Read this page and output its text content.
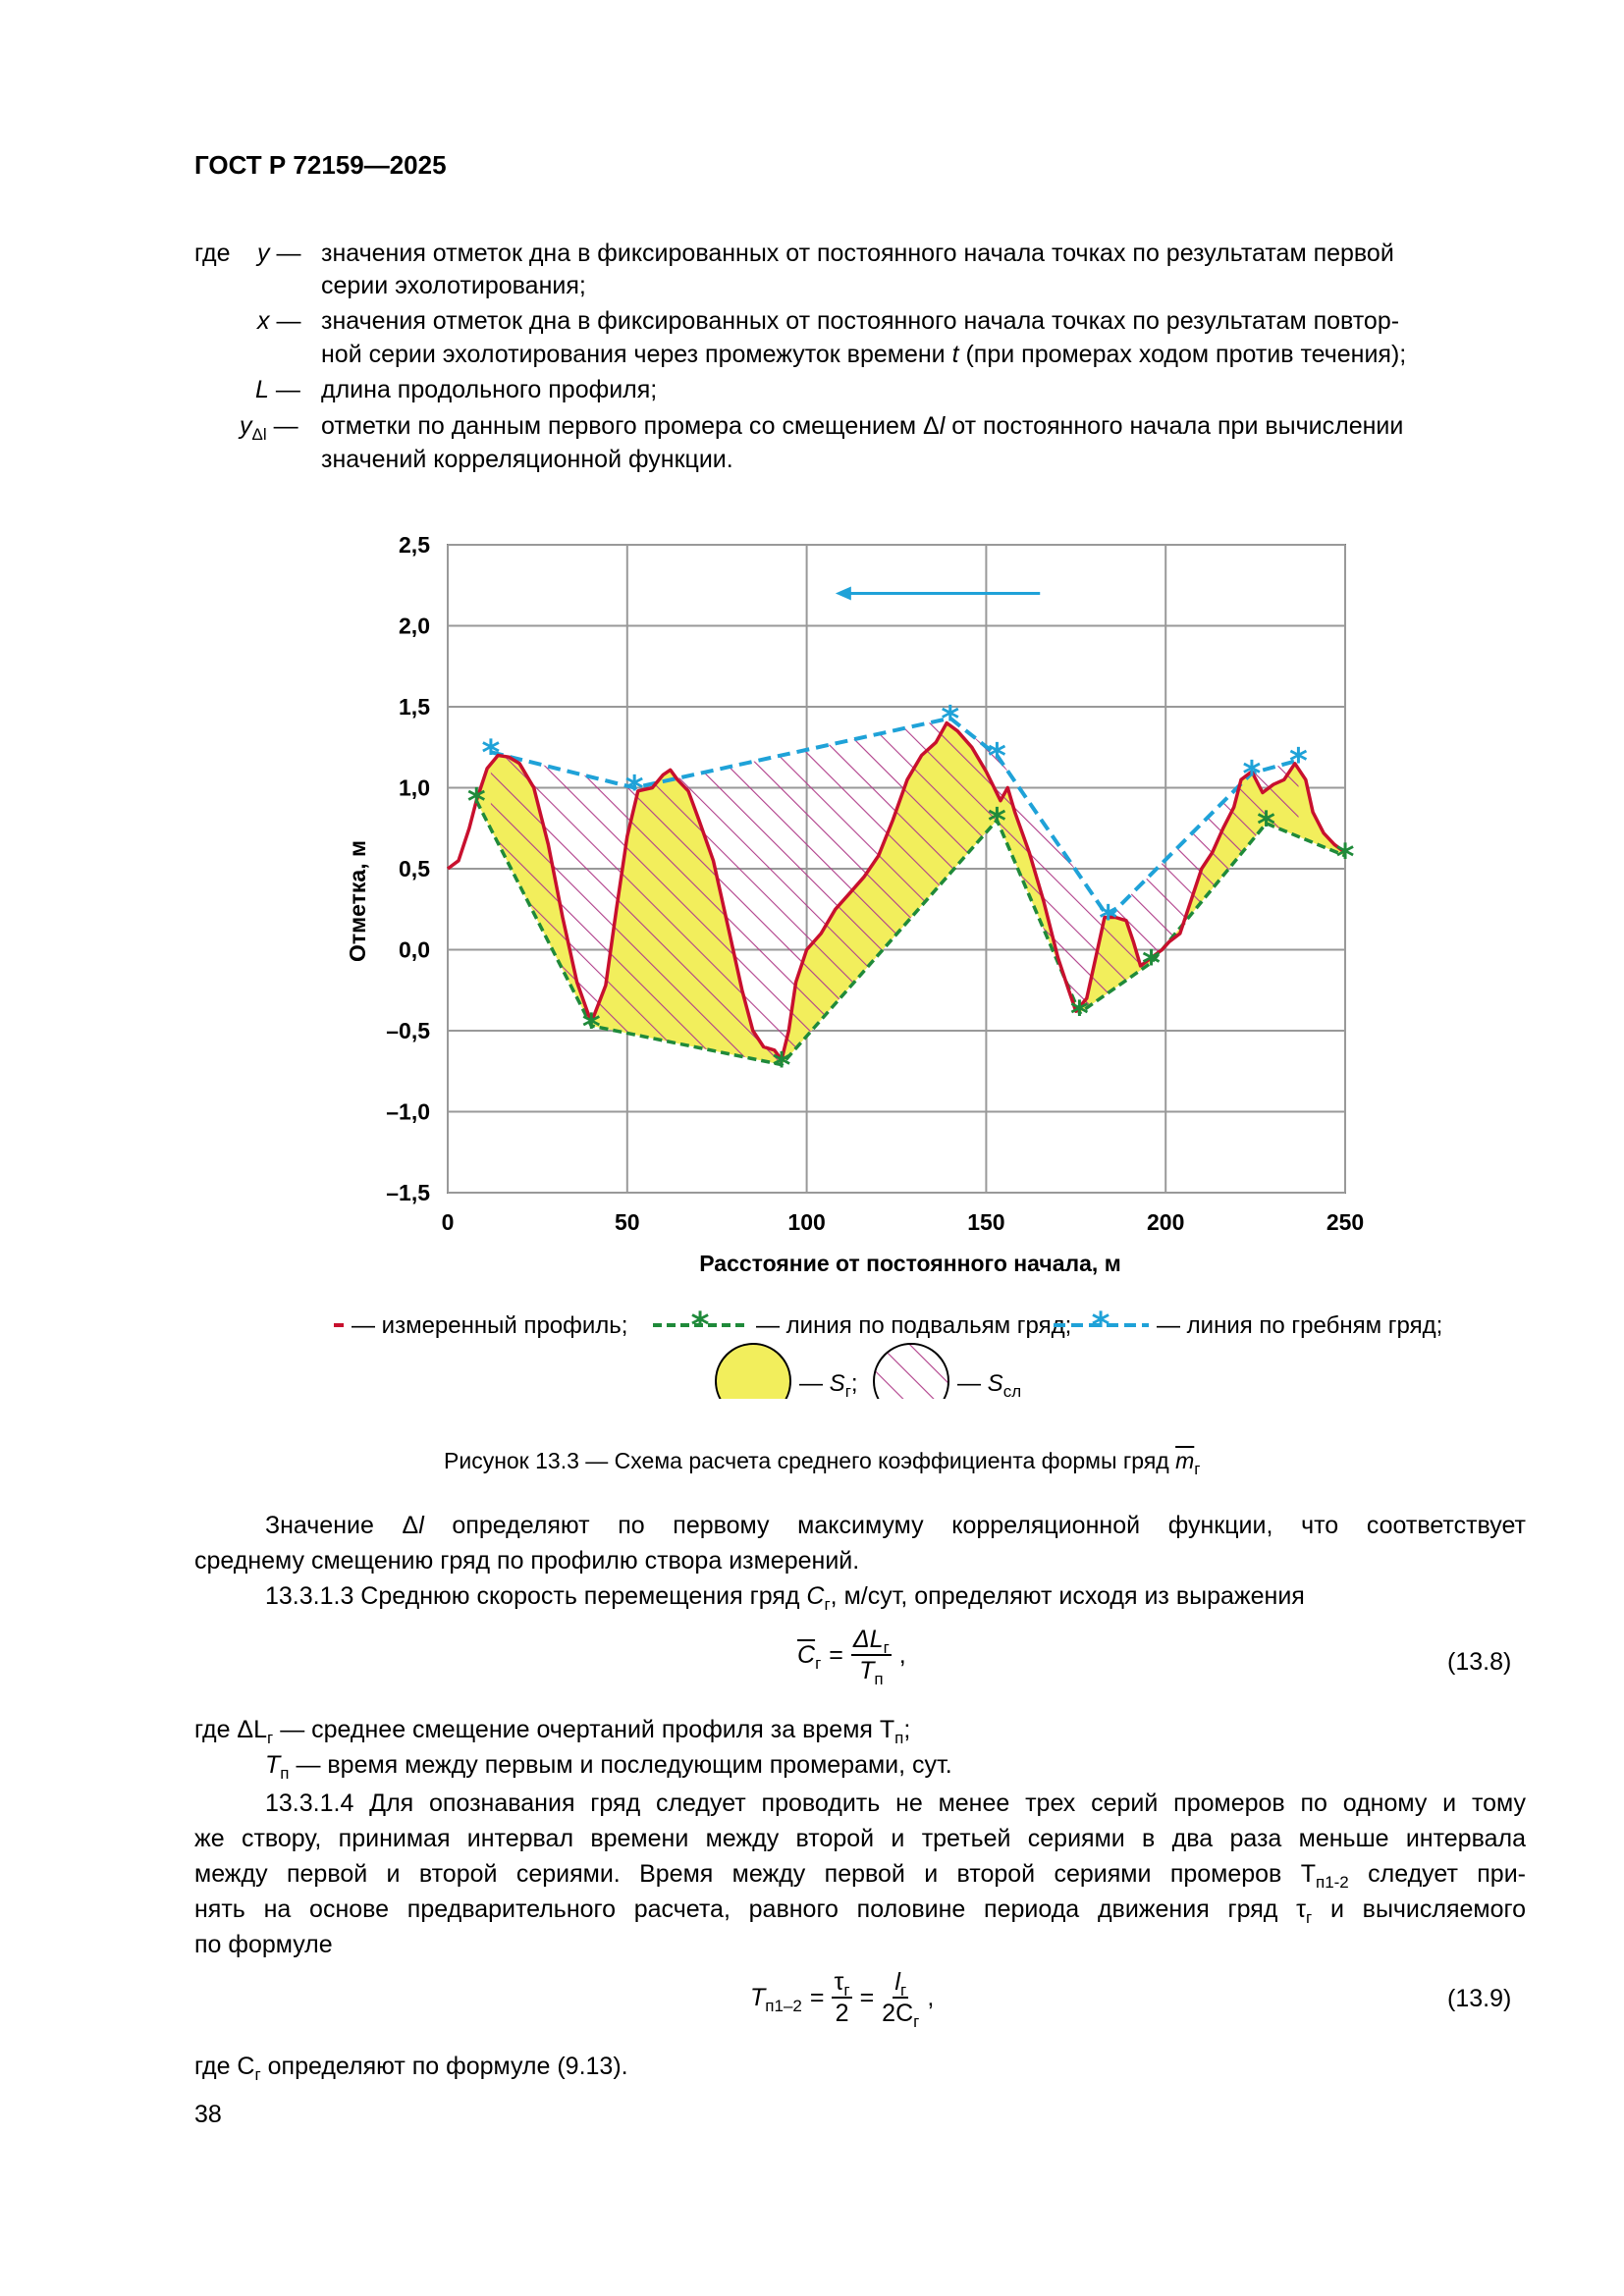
ГОСТ Р 72159—2025
где y — значения отметок дна в фиксированных от постоянного начала точках по результатам первой
серии эхолотирования;
x — значения отметок дна в фиксированных от постоянного начала точках по результатам повтор-
ной серии эхолотирования через промежуток времени t (при промерах ходом против течения);
L — длина продольного профиля;
$y_{\Delta l}$ — отметки по данным первого промера со смещением Δl от постоянного начала при вычислении
значений корреляционной функции.
*
*
*
*
*
*
*
*
*
*
*
*
*
* *
0	50	100	150	200	250
2,5
2,0
1,5
1,0
0,5
0,0
–0,5
–1,0
–1,5
Отметка, м
Расстояние от постоянного начала, м
— измеренный профиль; * — линия по подвальям гряд; * — линия по гребням гряд;
— $S_г$;	— $S_{сл}$
Рисунок 13.3 — Схема расчета среднего коэффициента формы гряд $\overline{m}_г$
Значение Δl определяют по первому максимуму корреляционной функции, что соответствует
среднему смещению гряд по профилю створа измерений.
13.3.1.3 Среднюю скорость перемещения гряд $C_г$, м/сут, определяют исходя из выражения
$\overline{C}_г$ =
$\Delta L_г$
$T_п$
,	(13.8)
где $\Delta L_г$ — среднее смещение очертаний профиля за время $T_п$;
$T_п$ — время между первым и последующим промерами, сут.
13.3.1.4 Для опознавания гряд следует проводить не менее трех серий промеров по одному и тому
же створу, принимая интервал времени между второй и третьей сериями в два раза меньше интервала
между первой и второй сериями. Время между первой и второй сериями промеров $T_{п1-2}$ следует при-
нять на основе предварительного расчета, равного половине периода движения гряд $\tau_г$ и вычисляемого
по формуле
$T_{п1-2}$ =
$\tau_г$
2
=
$l_г$
$2C_г$
,	(13.9)
где $C_г$ определяют по формуле (9.13).
38
